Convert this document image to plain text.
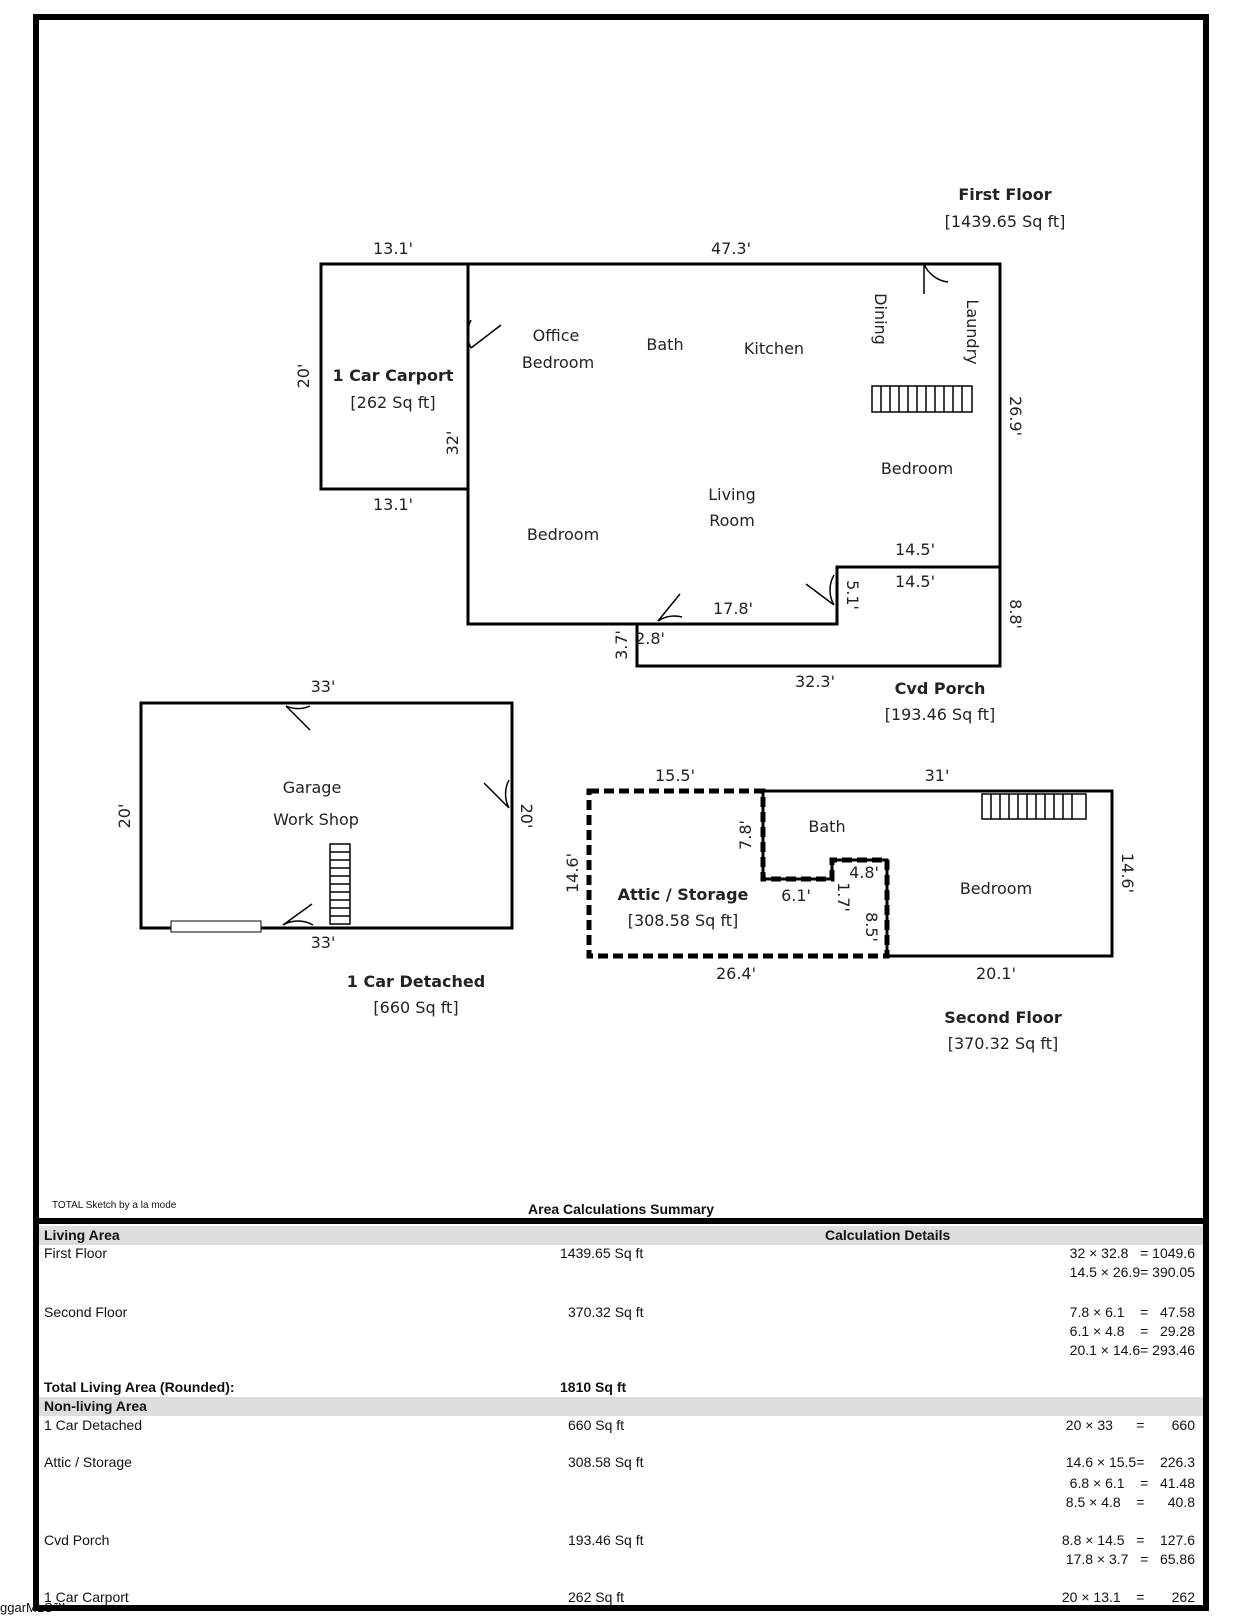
First Floor
1 Car Carport
Cvd Porch
1 Car Detached
Attic / Storage
Second Floor
[1439.65 Sq ft]
[262 Sq ft]
[193.46 Sq ft]
[660 Sq ft]
[308.58 Sq ft]
[370.32 Sq ft]
Office
Bedroom
Bath	Kitchen
Bedroom
Living
Room
Bedroom
Garage
Work Shop	Bath
Bedroom
Dining	Laundry
13.1'	47.3'
13.1'
14.5'
14.5'
17.8'
2.8'
32.3'
33'
33'
15.5'	31'
4.8'
6.1'
26.4'	20.1'
20'
32'
26.9'
5.1'
8.8'
3.7'
20'	20'
7.8'
14.6'	14.6'
1.7'
8.5'
TOTAL Sketch by a la mode	Area Calculations Summary
Living Area	Calculation Details
First Floor	1439.65 Sq ft	32 × 32.8   = 1049.6
14.5 × 26.9= 390.05
Second Floor	370.32 Sq ft	7.8 × 6.1    =   47.58
6.1 × 4.8    =   29.28
20.1 × 14.6= 293.46
Total Living Area (Rounded):	1810 Sq ft
Non-living Area
1 Car Detached	660 Sq ft	20 × 33      =       660
Attic / Storage	308.58 Sq ft	14.6 × 15.5=    226.3
6.8 × 6.1    =   41.48
8.5 × 4.8    =      40.8
Cvd Porch	193.46 Sq ft	8.8 × 14.5   =    127.6
17.8 × 3.7   =   65.86
1 Car Carport	262 Sq ft	20 × 13.1    =       262
ggarMLS™
